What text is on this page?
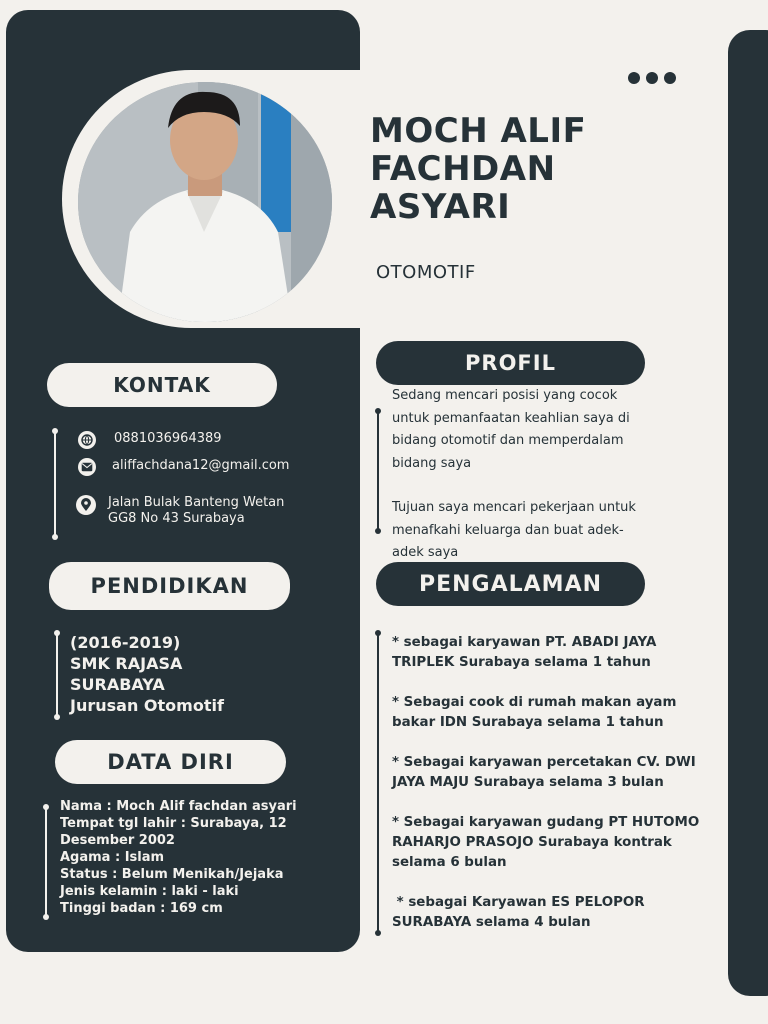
MOCH ALIF
FACHDAN
ASYARI
OTOMOTIF
KONTAK
0881036964389
aliffachdana12@gmail.com
Jalan Bulak Banteng Wetan
GG8 No 43 Surabaya
PENDIDIKAN
(2016-2019)
SMK RAJASA
SURABAYA
Jurusan Otomotif
DATA DIRI
Nama : Moch Alif fachdan asyari
Tempat tgl lahir : Surabaya, 12
Desember 2002
Agama : Islam
Status : Belum Menikah/Jejaka
Jenis kelamin : laki - laki
Tinggi badan : 169 cm
PROFIL
Sedang mencari posisi yang cocok
untuk pemanfaatan keahlian saya di
bidang otomotif dan memperdalam
bidang saya
Tujuan saya mencari pekerjaan untuk
menafkahi keluarga dan buat adek-
adek saya
PENGALAMAN
* sebagai karyawan PT. ABADI JAYA
TRIPLEK Surabaya selama 1 tahun
* Sebagai cook di rumah makan ayam
bakar IDN Surabaya selama 1 tahun
* Sebagai karyawan percetakan CV. DWI
JAYA MAJU Surabaya selama 3 bulan
* Sebagai karyawan gudang PT HUTOMO
RAHARJO PRASOJO Surabaya kontrak
selama 6 bulan
* sebagai Karyawan ES PELOPOR
SURABAYA selama 4 bulan
